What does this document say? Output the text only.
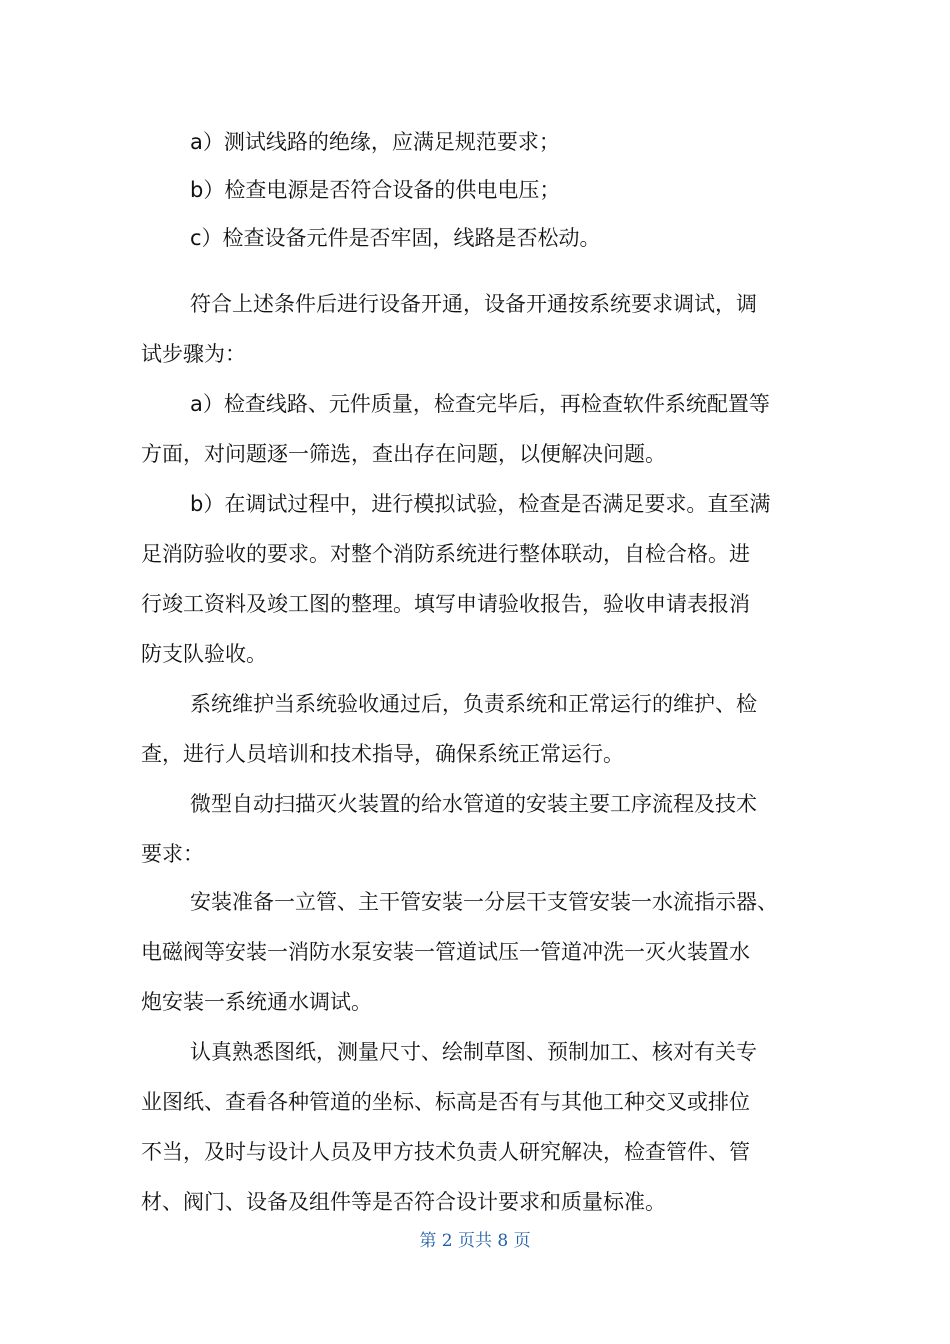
a）测试线路的绝缘，应满足规范要求；
b）检查电源是否符合设备的供电电压；
c）检查设备元件是否牢固，线路是否松动。
符合上述条件后进行设备开通，设备开通按系统要求调试，调
试步骤为：
a）检查线路、元件质量，检查完毕后，再检查软件系统配置等
方面，对问题逐一筛选，查出存在问题，以便解决问题。
b）在调试过程中，进行模拟试验，检查是否满足要求。直至满
足消防验收的要求。对整个消防系统进行整体联动，自检合格。进
行竣工资料及竣工图的整理。填写申请验收报告，验收申请表报消
防支队验收。
系统维护当系统验收通过后，负责系统和正常运行的维护、检
查，进行人员培训和技术指导，确保系统正常运行。
微型自动扫描灭火装置的给水管道的安装主要工序流程及技术
要求：
安装准备一立管、主干管安装一分层干支管安装一水流指示器、
电磁阀等安装一消防水泵安装一管道试压一管道冲洗一灭火装置水
炮安装一系统通水调试。
认真熟悉图纸，测量尺寸、绘制草图、预制加工、核对有关专
业图纸、查看各种管道的坐标、标高是否有与其他工种交叉或排位
不当，及时与设计人员及甲方技术负责人研究解决，检查管件、管
材、阀门、设备及组件等是否符合设计要求和质量标准。
第 2 页共 8 页
